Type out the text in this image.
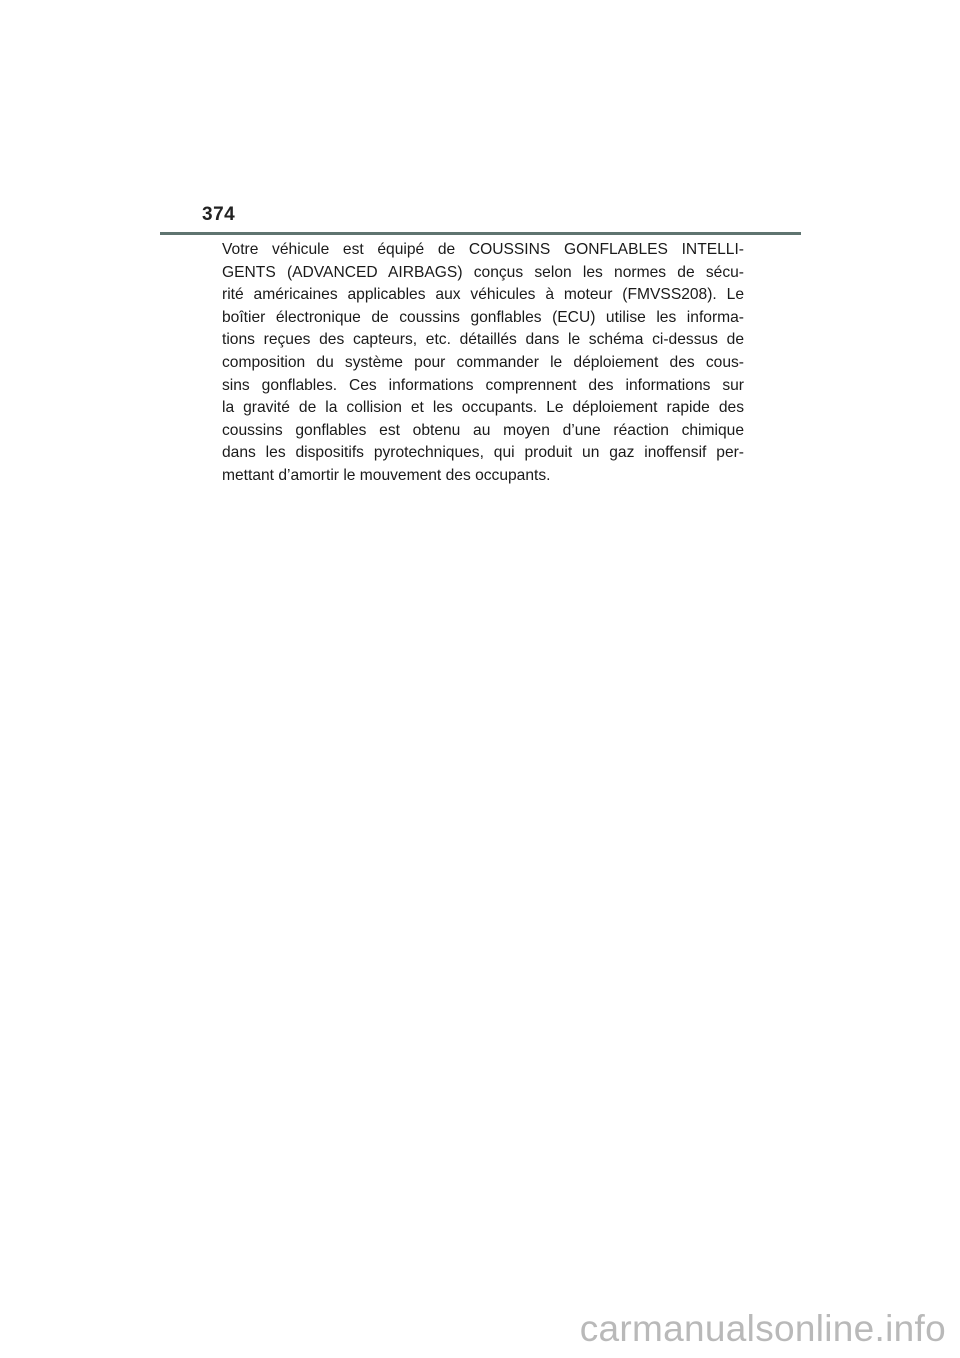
374

Votre véhicule est équipé de COUSSINS GONFLABLES INTELLI-
GENTS (ADVANCED AIRBAGS) conçus selon les normes de sécu-
rité américaines applicables aux véhicules à moteur (FMVSS208). Le
boîtier électronique de coussins gonflables (ECU) utilise les informa-
tions reçues des capteurs, etc. détaillés dans le schéma ci-dessus de
composition du système pour commander le déploiement des cous-
sins gonflables. Ces informations comprennent des informations sur
la gravité de la collision et les occupants. Le déploiement rapide des
coussins gonflables est obtenu au moyen d’une réaction chimique
dans les dispositifs pyrotechniques, qui produit un gaz inoffensif per-
mettant d’amortir le mouvement des occupants.

carmanualsonline.info
